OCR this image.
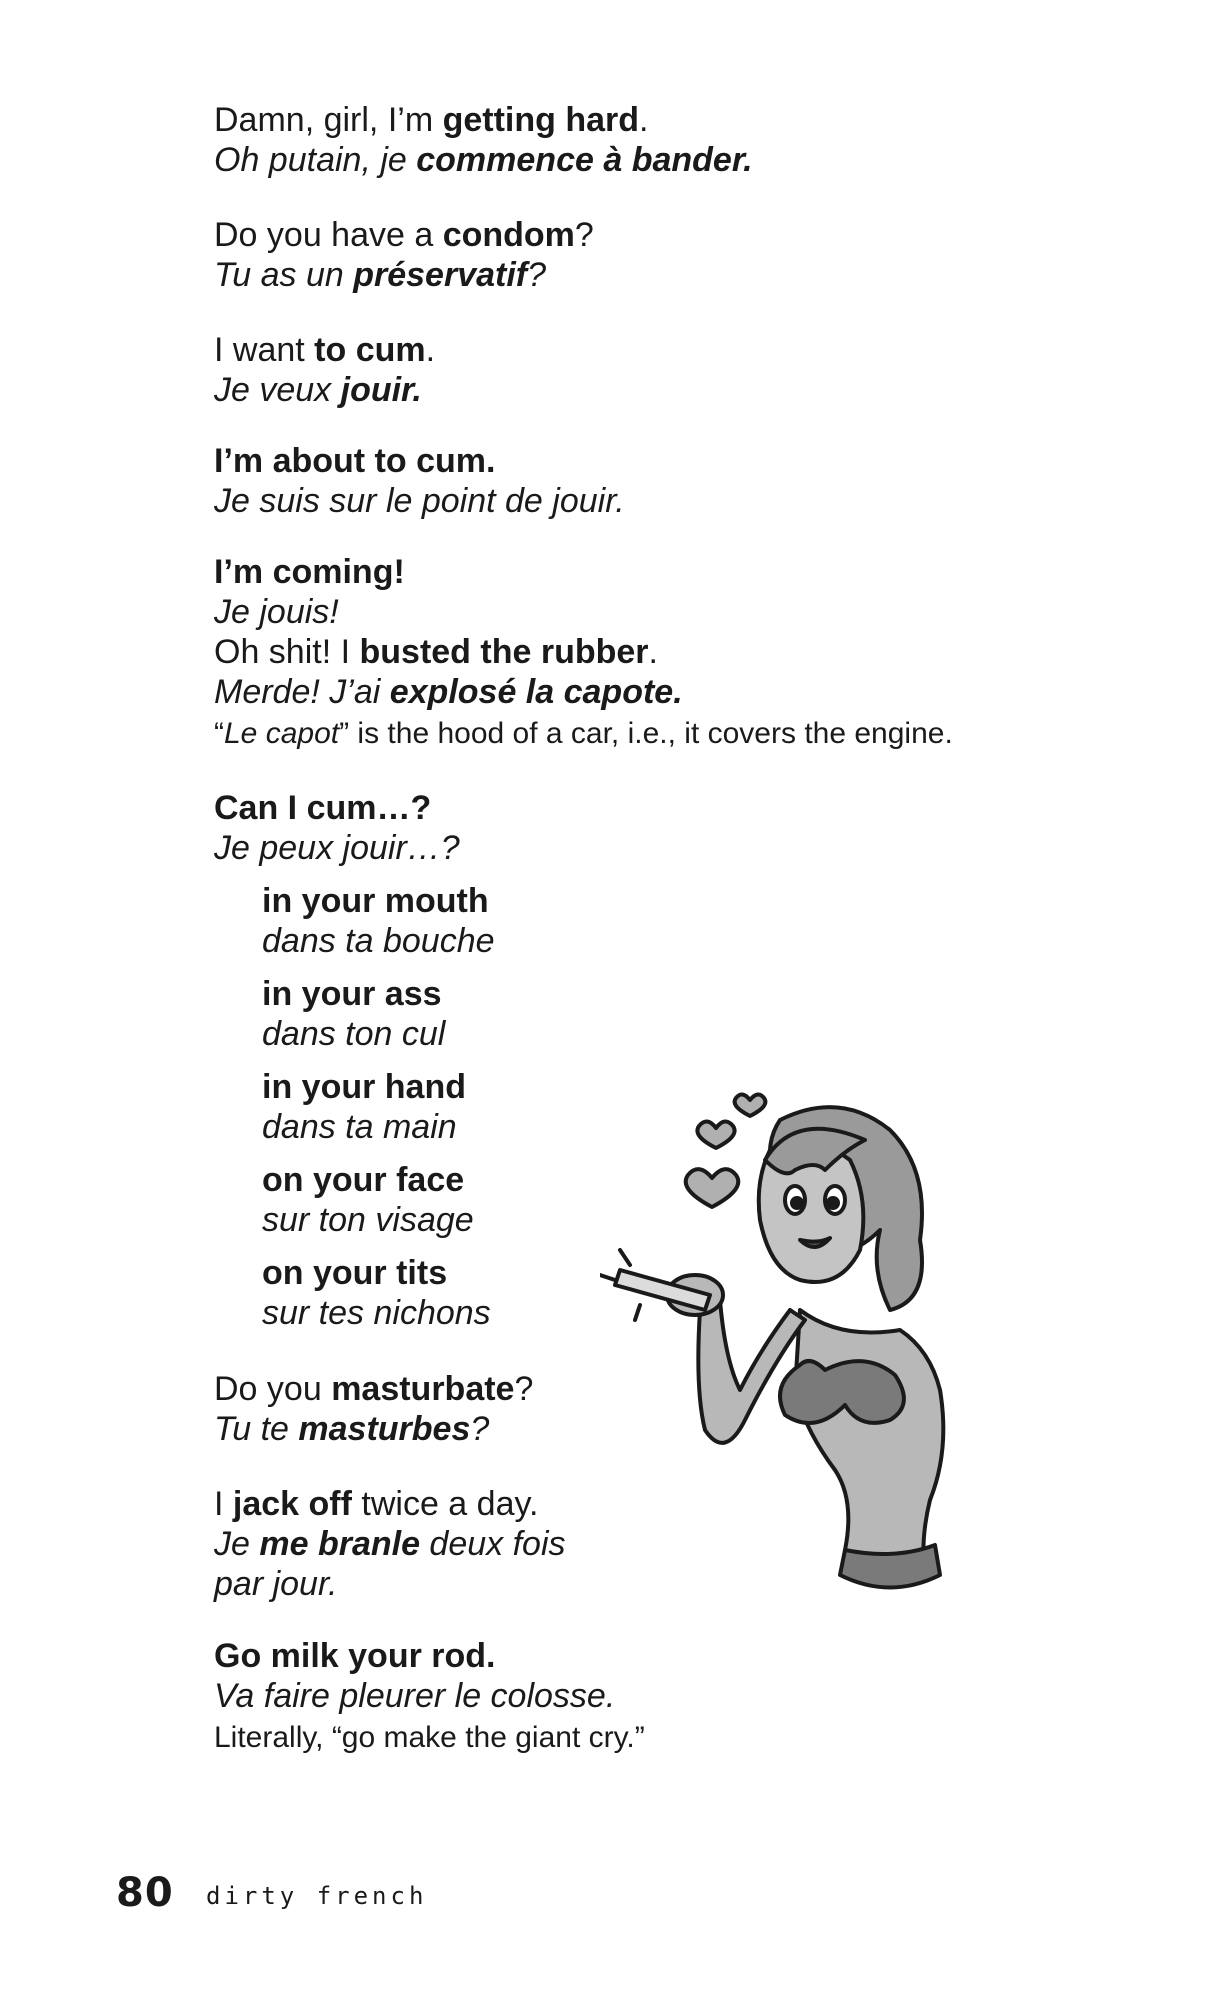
Damn, girl, I’m getting hard.
Oh putain, je commence à bander.
Do you have a condom?
Tu as un préservatif?
I want to cum.
Je veux jouir.
I’m about to cum.
Je suis sur le point de jouir.
I’m coming!
Je jouis!
Oh shit! I busted the rubber.
Merde! J’ai explosé la capote.
“Le capot” is the hood of a car, i.e., it covers the engine.
Can I cum…?
Je peux jouir…?
in your mouth
dans ta bouche
in your ass
dans ton cul
in your hand
dans ta main
on your face
sur ton visage
on your tits
sur tes nichons
Do you masturbate?
Tu te masturbes?
I jack off twice a day.
Je me branle deux fois
par jour.
Go milk your rod.
Va faire pleurer le colosse.
Literally, “go make the giant cry.”
80 dirty french
